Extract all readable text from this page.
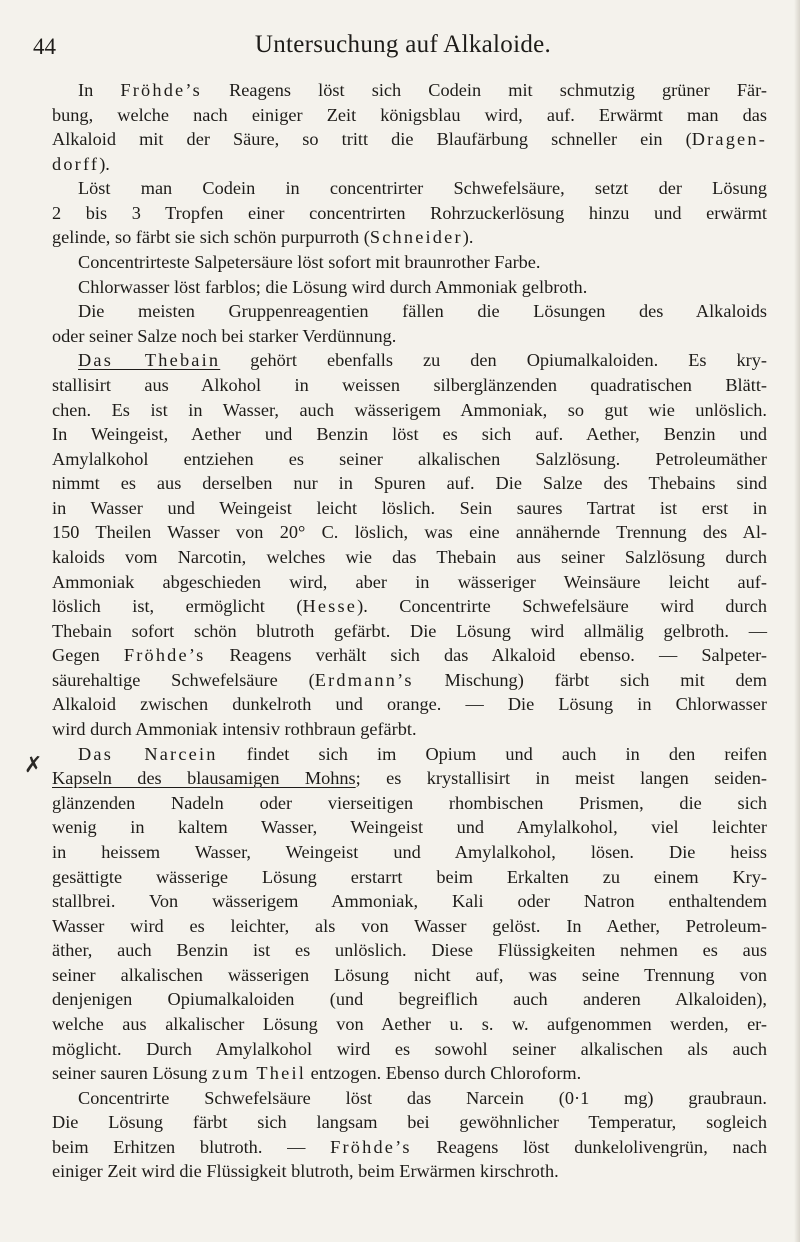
44	Untersuchung auf Alkaloide.
✗
In Fröhde’s Reagens löst sich Codein mit schmutzig grüner Fär-
bung, welche nach einiger Zeit königsblau wird, auf. Erwärmt man das
Alkaloid mit der Säure, so tritt die Blaufärbung schneller ein (Dragen-
dorff).
Löst man Codein in concentrirter Schwefelsäure, setzt der Lösung
2 bis 3 Tropfen einer concentrirten Rohrzuckerlösung hinzu und erwärmt
gelinde, so färbt sie sich schön purpurroth (Schneider).
Concentrirteste Salpetersäure löst sofort mit braunrother Farbe.
Chlorwasser löst farblos; die Lösung wird durch Ammoniak gelbroth.
Die meisten Gruppenreagentien fällen die Lösungen des Alkaloids
oder seiner Salze noch bei starker Verdünnung.
Das Thebain gehört ebenfalls zu den Opiumalkaloiden. Es kry-
stallisirt aus Alkohol in weissen silberglänzenden quadratischen Blätt-
chen. Es ist in Wasser, auch wässerigem Ammoniak, so gut wie unlöslich.
In Weingeist, Aether und Benzin löst es sich auf. Aether, Benzin und
Amylalkohol entziehen es seiner alkalischen Salzlösung. Petroleumäther
nimmt es aus derselben nur in Spuren auf. Die Salze des Thebains sind
in Wasser und Weingeist leicht löslich. Sein saures Tartrat ist erst in
150 Theilen Wasser von 20° C. löslich, was eine annähernde Trennung des Al-
kaloids vom Narcotin, welches wie das Thebain aus seiner Salzlösung durch
Ammoniak abgeschieden wird, aber in wässeriger Weinsäure leicht auf-
löslich ist, ermöglicht (Hesse). Concentrirte Schwefelsäure wird durch
Thebain sofort schön blutroth gefärbt. Die Lösung wird allmälig gelbroth. —
Gegen Fröhde’s Reagens verhält sich das Alkaloid ebenso. — Salpeter-
säurehaltige Schwefelsäure (Erdmann’s Mischung) färbt sich mit dem
Alkaloid zwischen dunkelroth und orange. — Die Lösung in Chlorwasser
wird durch Ammoniak intensiv rothbraun gefärbt.
Das Narcein findet sich im Opium und auch in den reifen
Kapseln des blausamigen Mohns; es krystallisirt in meist langen seiden-
glänzenden Nadeln oder vierseitigen rhombischen Prismen, die sich
wenig in kaltem Wasser, Weingeist und Amylalkohol, viel leichter
in heissem Wasser, Weingeist und Amylalkohol, lösen. Die heiss
gesättigte wässerige Lösung erstarrt beim Erkalten zu einem Kry-
stallbrei. Von wässerigem Ammoniak, Kali oder Natron enthaltendem
Wasser wird es leichter, als von Wasser gelöst. In Aether, Petroleum-
äther, auch Benzin ist es unlöslich. Diese Flüssigkeiten nehmen es aus
seiner alkalischen wässerigen Lösung nicht auf, was seine Trennung von
denjenigen Opiumalkaloiden (und begreiflich auch anderen Alkaloiden),
welche aus alkalischer Lösung von Aether u. s. w. aufgenommen werden, er-
möglicht. Durch Amylalkohol wird es sowohl seiner alkalischen als auch
seiner sauren Lösung zum Theil entzogen. Ebenso durch Chloroform.
Concentrirte Schwefelsäure löst das Narcein (0·1 mg) graubraun.
Die Lösung färbt sich langsam bei gewöhnlicher Temperatur, sogleich
beim Erhitzen blutroth. — Fröhde’s Reagens löst dunkelolivengrün, nach
einiger Zeit wird die Flüssigkeit blutroth, beim Erwärmen kirschroth.
